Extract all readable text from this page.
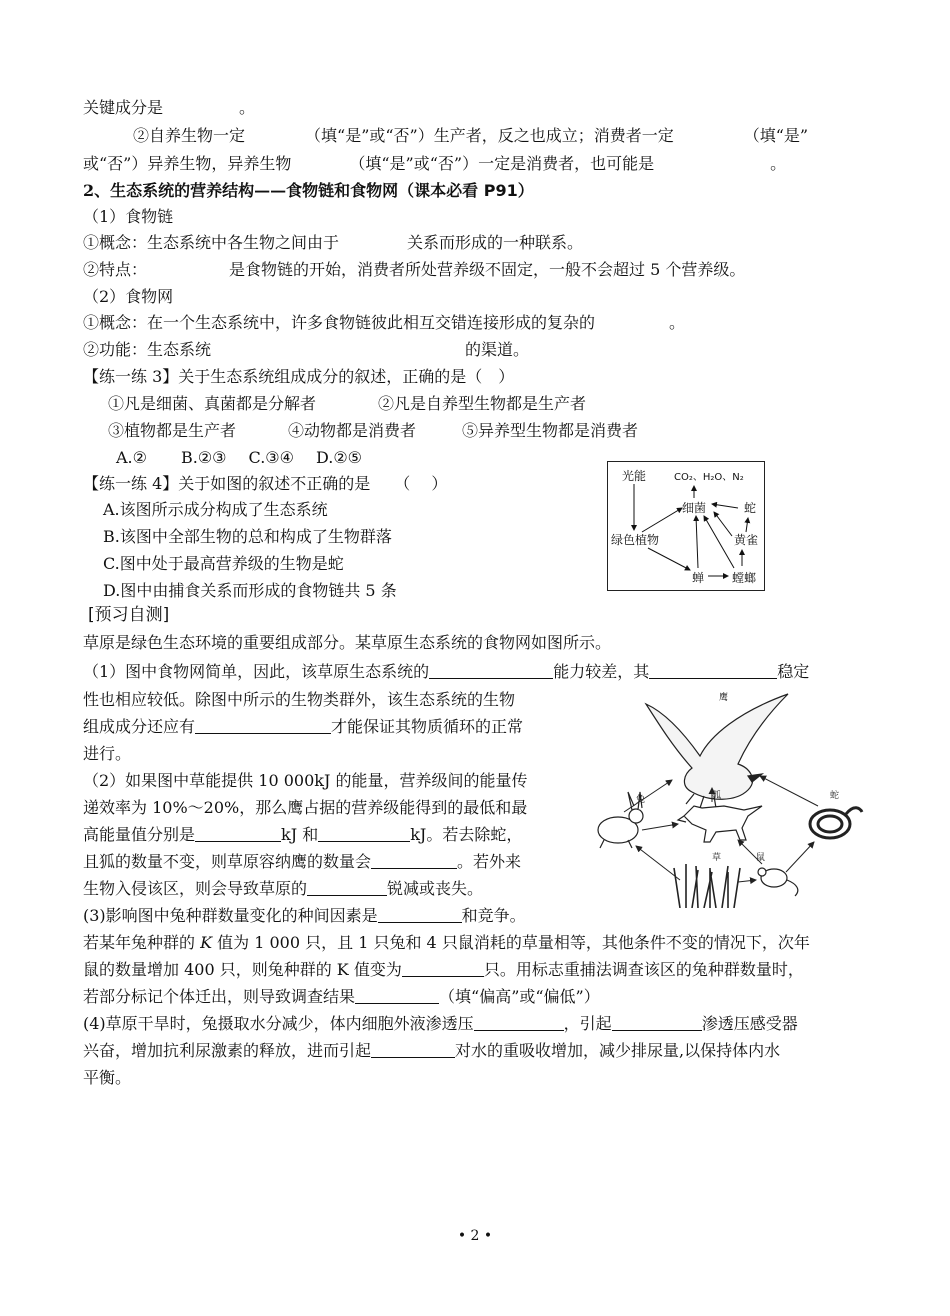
关键成分是	。
②自养生物一定	（填“是”或“否”）生产者，反之也成立；消费者一定	（填“是”
或“否”）异养生物，异养生物	（填“是”或“否”）一定是消费者，也可能是	。
2、生态系统的营养结构——食物链和食物网（课本必看 P91）
（1）食物链
①概念：生态系统中各生物之间由于	关系而形成的一种联系。
②特点：	是食物链的开始，消费者所处营养级不固定，一般不会超过 5 个营养级。
（2）食物网
①概念：在一个生态系统中，许多食物链彼此相互交错连接形成的复杂的	。
②功能：生态系统	的渠道。
【练一练 3】关于生态系统组成成分的叙述，正确的是（　）
①凡是细菌、真菌都是分解者	②凡是自养型生物都是生产者
③植物都是生产者	④动物都是消费者	⑤异养型生物都是消费者
A.② B.②③ C.③④ D.②⑤
【练一练 4】关于如图的叙述不正确的是　　（　 ）
A.该图所示成分构成了生态系统
B.该图中全部生物的总和构成了生物群落
C.图中处于最高营养级的生物是蛇
D.图中由捕食关系而形成的食物链共 5 条
[预习自测]
草原是绿色生态环境的重要组成部分。某草原生态系统的食物网如图所示。
（1）图中食物网简单，因此，该草原生态系统的	能力较差，其	稳定
性也相应较低。除图中所示的生物类群外，该生态系统的生物
组成成分还应有	才能保证其物质循环的正常
进行。
（2）如果图中草能提供 10 000kJ 的能量，营养级间的能量传
递效率为 10%～20%，那么鹰占据的营养级能得到的最低和最
高能量值分别是	kJ 和	kJ。若去除蛇，
且狐的数量不变，则草原容纳鹰的数量会	。若外来
生物入侵该区，则会导致草原的	锐减或丧失。
(3)影响图中兔种群数量变化的种间因素是	和竞争。
若某年兔种群的 K 值为 1 000 只，且 1 只兔和 4 只鼠消耗的草量相等，其他条件不变的情况下，次年
鼠的数量增加 400 只，则兔种群的 K 值变为	只。用标志重捕法调查该区的兔种群数量时，
若部分标记个体迁出，则导致调查结果	（填“偏高”或“偏低”）
(4)草原干旱时，兔摄取水分减少，体内细胞外液渗透压	，引起	渗透压感受器
兴奋，增加抗利尿激素的释放，进而引起	对水的重吸收增加，减少排尿量,以保持体内水
平衡。
光能	CO₂、H₂O、N₂
蛇
细菌
绿色植物	黄雀
蝉 螳螂
鹰
兔	狐	蛇
草	鼠
• 2 •
